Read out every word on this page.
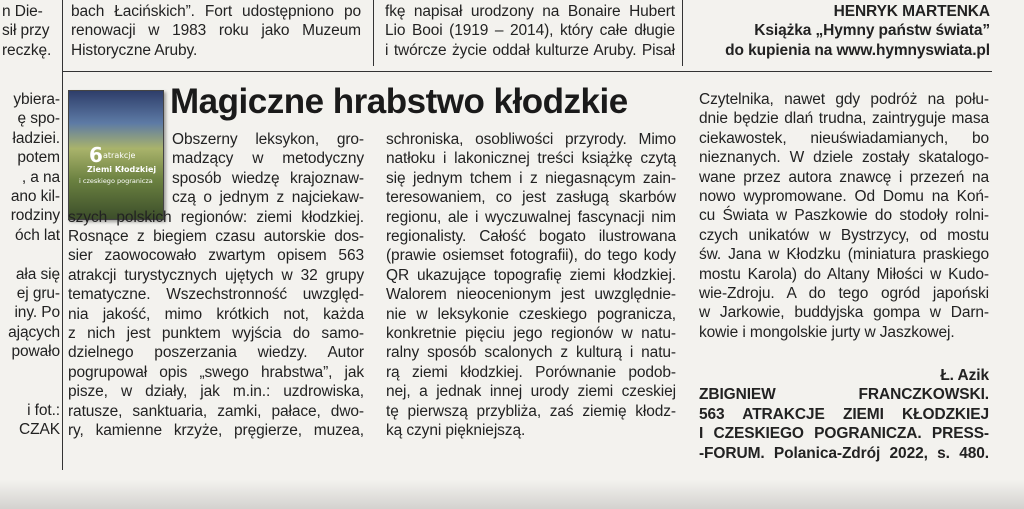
n Die-
sił przy
reczkę.
bach Łacińskich”. Fort udostępniono po
renowacji w 1983 roku jako Muzeum
Historyczne Aruby.
fkę napisał urodzony na Bonaire Hubert
Lio Booi (1919 – 2014), który całe długie
i twórcze życie oddał kulturze Aruby. Pisał
HENRYK MARTENKA
Książka „Hymny państw świata”
do kupienia na www.hymnyswiata.pl
ybiera-
ę spo-
ładziei.
potem
, a na
ano kil-
rodziny
óch lat

ała się
ej gru-
iny. Po
ających
powało

i fot.:
CZAK
6 atrakcje
Ziemi Kłodzkiej
i czeskiego pogranicza
Magiczne hrabstwo kłodzkie
Obszerny leksykon, gro-
madzący w metodyczny
sposób wiedzę krajoznaw-
czą o jednym z najciekaw-
szych polskich regionów: ziemi kłodzkiej.
Rosnące z biegiem czasu autorskie dos-
sier zaowocowało zwartym opisem 563
atrakcji turystycznych ujętych w 32 grupy
tematyczne. Wszechstronność uwzględ-
nia jakość, mimo krótkich not, każda
z nich jest punktem wyjścia do samo-
dzielnego poszerzania wiedzy. Autor
pogrupował opis „swego hrabstwa”, jak
pisze, w działy, jak m.in.: uzdrowiska,
ratusze, sanktuaria, zamki, pałace, dwo-
ry, kamienne krzyże, pręgierze, muzea,
schroniska, osobliwości przyrody. Mimo
natłoku i lakonicznej treści książkę czytą
się jednym tchem i z niegasnącym zain-
teresowaniem, co jest zasługą skarbów
regionu, ale i wyczuwalnej fascynacji nim
regionalisty. Całość bogato ilustrowana
(prawie osiemset fotografii), do tego kody
QR ukazujące topografię ziemi kłodzkiej.
Walorem nieocenionym jest uwzględnie-
nie w leksykonie czeskiego pogranicza,
konkretnie pięciu jego regionów w natu-
ralny sposób scalonych z kulturą i natu-
rą ziemi kłodzkiej. Porównanie podob-
nej, a jednak innej urody ziemi czeskiej
tę pierwszą przybliża, zaś ziemię kłodz-
ką czyni piękniejszą.
Czytelnika, nawet gdy podróż na połu-
dnie będzie dlań trudna, zaintryguje masa
ciekawostek, nieuświadamianych, bo
nieznanych. W dziele zostały skatalogo-
wane przez autora znawcę i przezeń na
nowo wypromowane. Od Domu na Koń-
cu Świata w Paszkowie do stodoły rolni-
czych unikatów w Bystrzycy, od mostu
św. Jana w Kłodzku (miniatura praskiego
mostu Karola) do Altany Miłości w Kudo-
wie-Zdroju. A do tego ogród japoński
w Jarkowie, buddyjska gompa w Darn-
kowie i mongolskie jurty w Jaszkowej.
Ł. Azik
ZBIGNIEW FRANCZKOWSKI.
563 ATRAKCJE ZIEMI KŁODZKIEJ
I CZESKIEGO POGRANICZA. PRESS-
-FORUM. Polanica-Zdrój 2022, s. 480.
